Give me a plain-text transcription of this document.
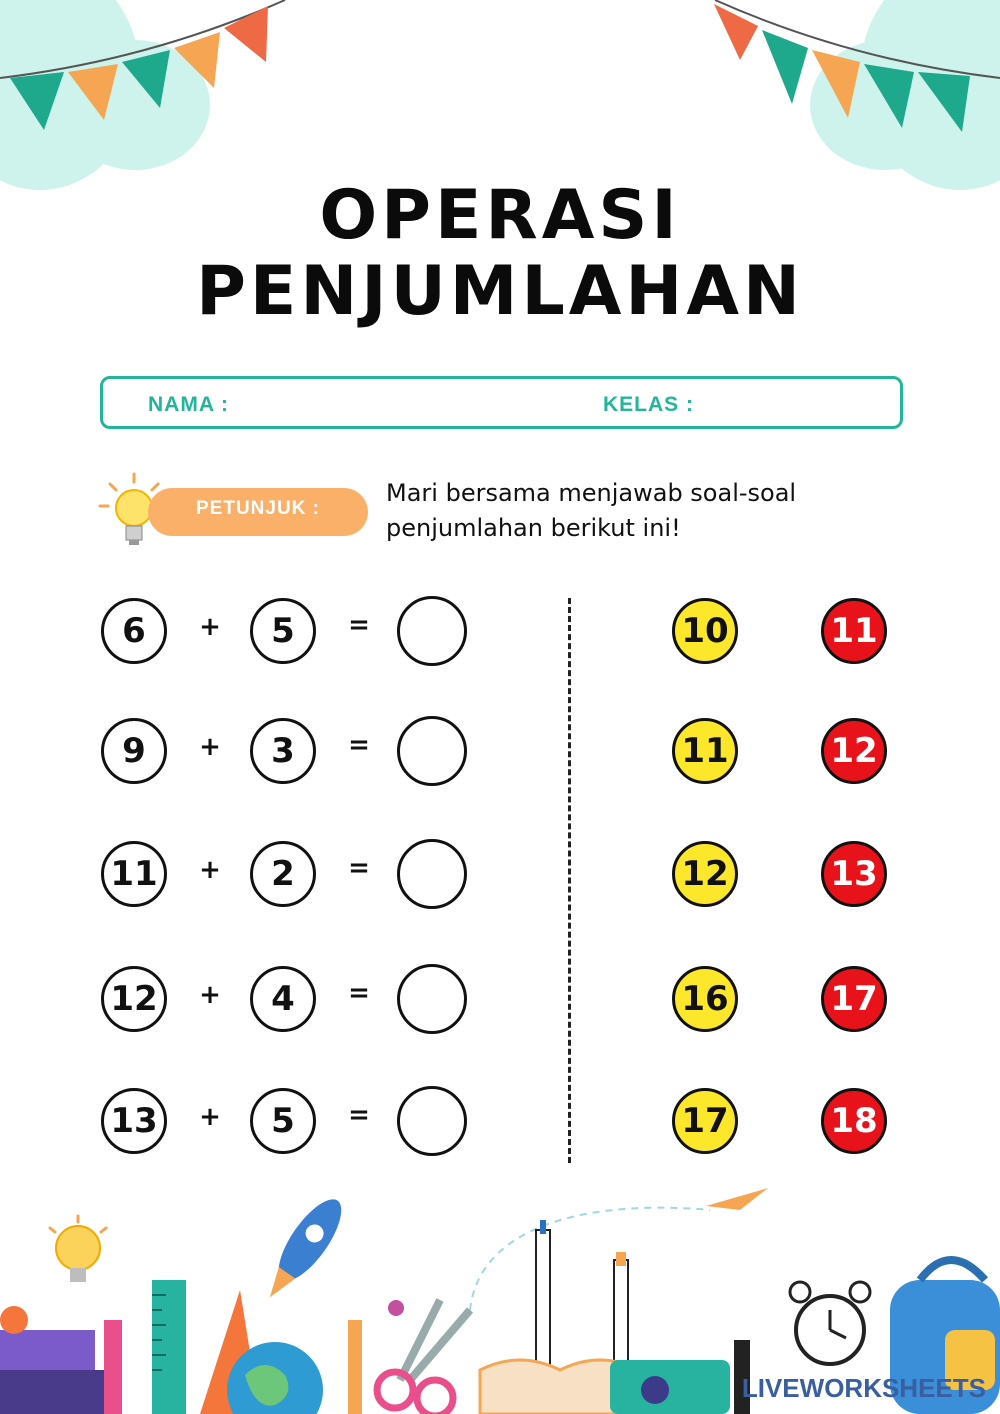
OPERASI
PENJUMLAHAN
NAMA :	KELAS :
PETUNJUK :
Mari bersama menjawab soal-soal penjumlahan berikut ini!
6	+	5	=
9	+	3	=
11	+	2	=
12	+	4	=
13	+	5	=
10	11
11	12
12	13
16	17
17	18
LIVEWORKSHEETS
